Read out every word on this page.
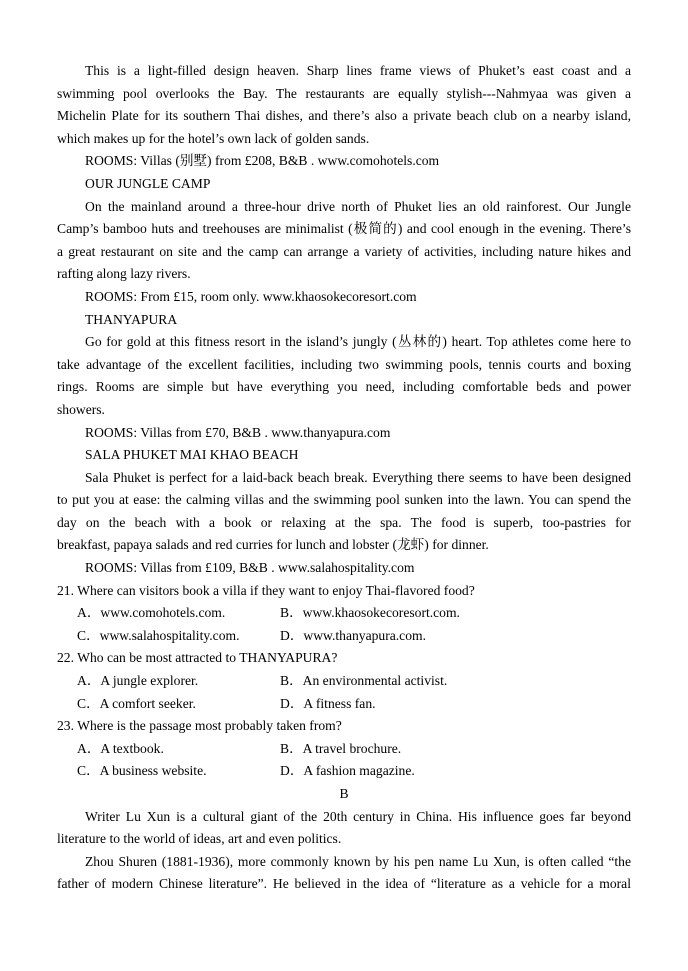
This is a light-filled design heaven. Sharp lines frame views of Phuket’s east coast and a
swimming pool overlooks the Bay. The restaurants are equally stylish---Nahmyaa was given a
Michelin Plate for its southern Thai dishes, and there’s also a private beach club on a nearby island,
which makes up for the hotel’s own lack of golden sands.
ROOMS: Villas (别墅) from £208, B&B . www.comohotels.com
OUR JUNGLE CAMP
On the mainland around a three-hour drive north of Phuket lies an old rainforest. Our Jungle
Camp’s bamboo huts and treehouses are minimalist (极简的) and cool enough in the evening. There’s
a great restaurant on site and the camp can arrange a variety of activities, including nature hikes and
rafting along lazy rivers.
ROOMS: From £15, room only. www.khaosokecoresort.com
THANYAPURA
Go for gold at this fitness resort in the island’s jungly (丛林的) heart. Top athletes come here to
take advantage of the excellent facilities, including two swimming pools, tennis courts and boxing
rings. Rooms are simple but have everything you need, including comfortable beds and power
showers.
ROOMS: Villas from £70, B&B . www.thanyapura.com
SALA PHUKET MAI KHAO BEACH
Sala Phuket is perfect for a laid-back beach break. Everything there seems to have been designed
to put you at ease: the calming villas and the swimming pool sunken into the lawn. You can spend the
day on the beach with a book or relaxing at the spa. The food is superb, too-pastries for
breakfast, papaya salads and red curries for lunch and lobster (龙虾) for dinner.
ROOMS: Villas from £109, B&B . www.salahospitality.com
21. Where can visitors book a villa if they want to enjoy Thai-flavored food?
A．www.comohotels.com.	B．www.khaosokecoresort.com.
C．www.salahospitality.com.	D．www.thanyapura.com.
22. Who can be most attracted to THANYAPURA?
A．A jungle explorer.	B．An environmental activist.
C．A comfort seeker.	D．A fitness fan.
23. Where is the passage most probably taken from?
A．A textbook.	B．A travel brochure.
C．A business website.	D．A fashion magazine.
B
Writer Lu Xun is a cultural giant of the 20th century in China. His influence goes far beyond
literature to the world of ideas, art and even politics.
Zhou Shuren (1881-1936), more commonly known by his pen name Lu Xun, is often called “the
father of modern Chinese literature”. He believed in the idea of “literature as a vehicle for a moral
